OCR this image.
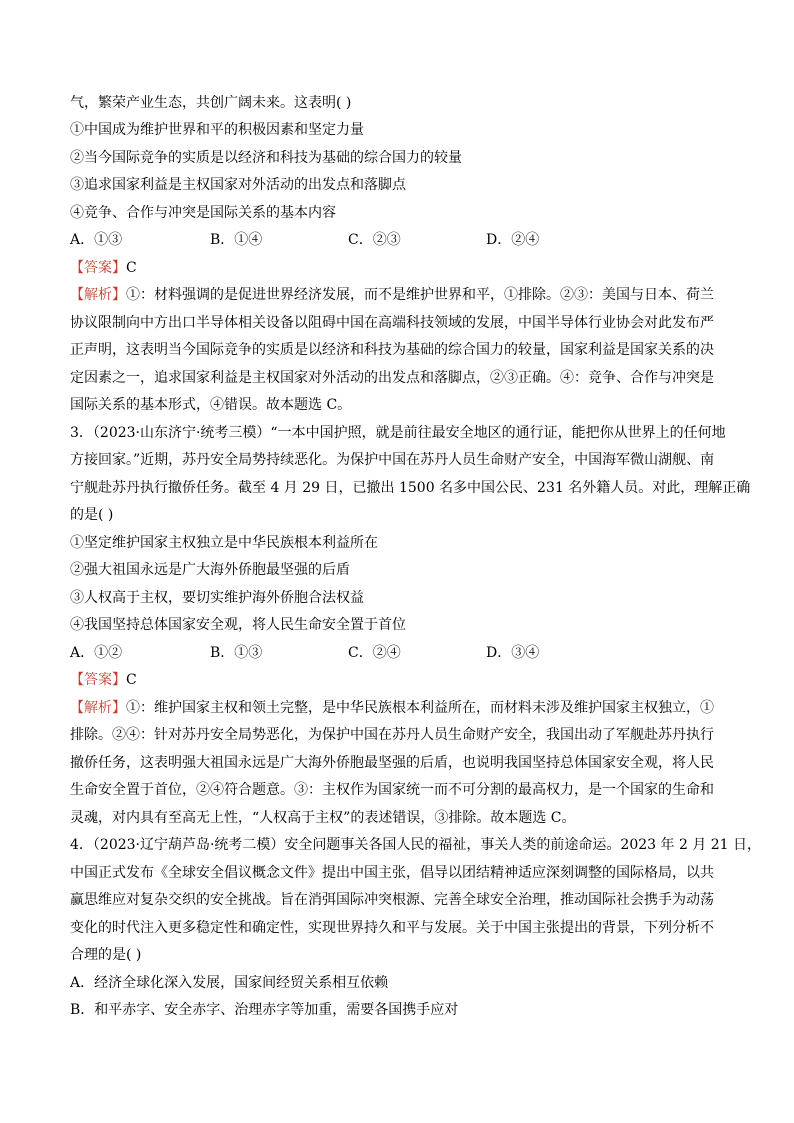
气，繁荣产业生态，共创广阔未来。这表明( )
①中国成为维护世界和平的积极因素和坚定力量
②当今国际竞争的实质是以经济和科技为基础的综合国力的较量
③追求国家利益是主权国家对外活动的出发点和落脚点
④竞争、合作与冲突是国际关系的基本内容
A．①③	B．①④	C．②③	D．②④
【答案】C
【解析】①：材料强调的是促进世界经济发展，而不是维护世界和平，①排除。②③：美国与日本、荷兰
协议限制向中方出口半导体相关设备以阻碍中国在高端科技领域的发展，中国半导体行业协会对此发布严
正声明，这表明当今国际竞争的实质是以经济和科技为基础的综合国力的较量，国家利益是国家关系的决
定因素之一，追求国家利益是主权国家对外活动的出发点和落脚点，②③正确。④：竞争、合作与冲突是
国际关系的基本形式，④错误。故本题选 C。
3．（2023·山东济宁·统考三模）“一本中国护照，就是前往最安全地区的通行证，能把你从世界上的任何地
方接回家。”近期，苏丹安全局势持续恶化。为保护中国在苏丹人员生命财产安全，中国海军微山湖舰、南
宁舰赴苏丹执行撤侨任务。截至 4 月 29 日，已撤出 1500 名多中国公民、231 名外籍人员。对此，理解正确
的是( )
①坚定维护国家主权独立是中华民族根本利益所在
②强大祖国永远是广大海外侨胞最坚强的后盾
③人权高于主权，要切实维护海外侨胞合法权益
④我国坚持总体国家安全观，将人民生命安全置于首位
A．①②	B．①③	C．②④	D．③④
【答案】C
【解析】①：维护国家主权和领土完整，是中华民族根本利益所在，而材料未涉及维护国家主权独立，①
排除。②④：针对苏丹安全局势恶化，为保护中国在苏丹人员生命财产安全，我国出动了军舰赴苏丹执行
撤侨任务，这表明强大祖国永远是广大海外侨胞最坚强的后盾，也说明我国坚持总体国家安全观，将人民
生命安全置于首位，②④符合题意。③：主权作为国家统一而不可分割的最高权力，是一个国家的生命和
灵魂，对内具有至高无上性，“人权高于主权”的表述错误，③排除。故本题选 C。
4．（2023·辽宁葫芦岛·统考二模）安全问题事关各国人民的福祉，事关人类的前途命运。2023 年 2 月 21 日，
中国正式发布《全球安全倡议概念文件》提出中国主张，倡导以团结精神适应深刻调整的国际格局，以共
赢思维应对复杂交织的安全挑战。旨在消弭国际冲突根源、完善全球安全治理，推动国际社会携手为动荡
变化的时代注入更多稳定性和确定性，实现世界持久和平与发展。关于中国主张提出的背景，下列分析不
合理的是( )
A．经济全球化深入发展，国家间经贸关系相互依赖
B．和平赤字、安全赤字、治理赤字等加重，需要各国携手应对
